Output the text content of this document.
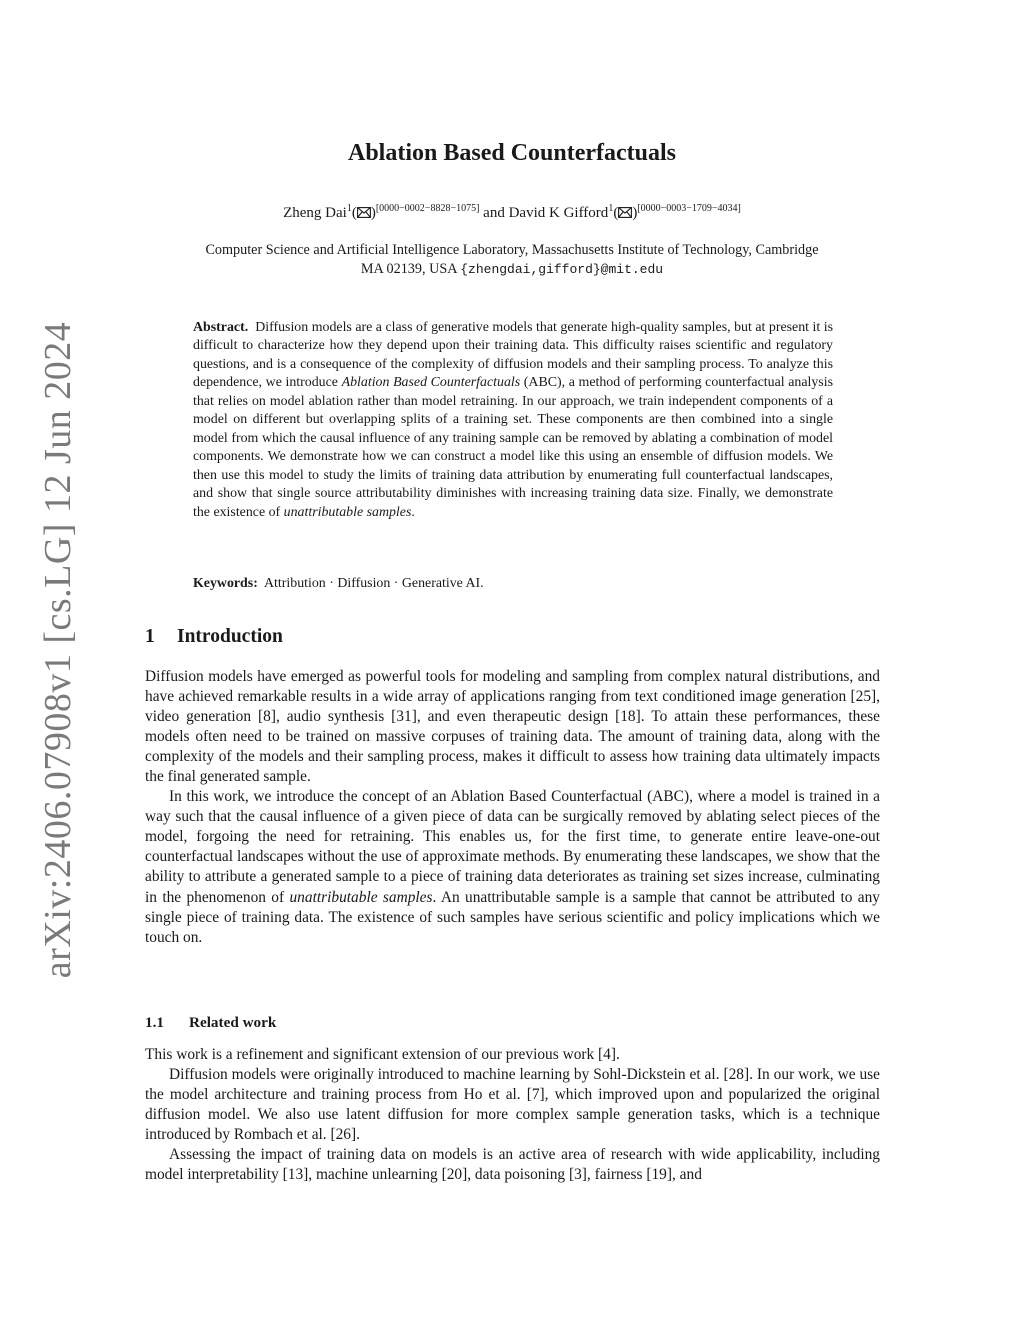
arXiv:2406.07908v1 [cs.LG] 12 Jun 2024
Ablation Based Counterfactuals
Zheng Dai$^1$( )[0000−0002−8828−1075] and David K Gifford$^1$( )[0000−0003−1709−4034]
Computer Science and Artificial Intelligence Laboratory, Massachusetts Institute of Technology, Cambridge
MA 02139, USA {zhengdai,gifford}@mit.edu
Abstract. Diffusion models are a class of generative models that generate high-quality samples, but at present it is difficult to characterize how they depend upon their training data. This difficulty raises scientific and regulatory questions, and is a consequence of the complexity of diffusion models and their sampling process. To analyze this dependence, we introduce Ablation Based Counterfactuals (ABC), a method of performing counterfactual analysis that relies on model ablation rather than model retraining. In our approach, we train independent components of a model on different but overlapping splits of a training set. These components are then combined into a single model from which the causal influence of any training sample can be removed by ablating a combination of model components. We demonstrate how we can construct a model like this using an ensemble of diffusion models. We then use this model to study the limits of training data attribution by enumerating full counterfactual landscapes, and show that single source attributability diminishes with increasing training data size. Finally, we demonstrate the existence of unattributable samples.
Keywords: Attribution · Diffusion · Generative AI.
1 Introduction

Diffusion models have emerged as powerful tools for modeling and sampling from complex natural distributions, and have achieved remarkable results in a wide array of applications ranging from text conditioned image generation [25], video generation [8], audio synthesis [31], and even therapeutic design [18]. To attain these performances, these models often need to be trained on massive corpuses of training data. The amount of training data, along with the complexity of the models and their sampling process, makes it difficult to assess how training data ultimately impacts the final generated sample.

In this work, we introduce the concept of an Ablation Based Counterfactual (ABC), where a model is trained in a way such that the causal influence of a given piece of data can be surgically removed by ablating select pieces of the model, forgoing the need for retraining. This enables us, for the first time, to generate entire leave-one-out counterfactual landscapes without the use of approximate methods. By enumerating these landscapes, we show that the ability to attribute a generated sample to a piece of training data deteriorates as training set sizes increase, culminating in the phenomenon of unattributable samples. An unattributable sample is a sample that cannot be attributed to any single piece of training data. The existence of such samples have serious scientific and policy implications which we touch on.

1.1 Related work

This work is a refinement and significant extension of our previous work [4].

Diffusion models were originally introduced to machine learning by Sohl-Dickstein et al. [28]. In our work, we use the model architecture and training process from Ho et al. [7], which improved upon and popularized the original diffusion model. We also use latent diffusion for more complex sample generation tasks, which is a technique introduced by Rombach et al. [26].

Assessing the impact of training data on models is an active area of research with wide applicability, including model interpretability [13], machine unlearning [20], data poisoning [3], fairness [19], and
